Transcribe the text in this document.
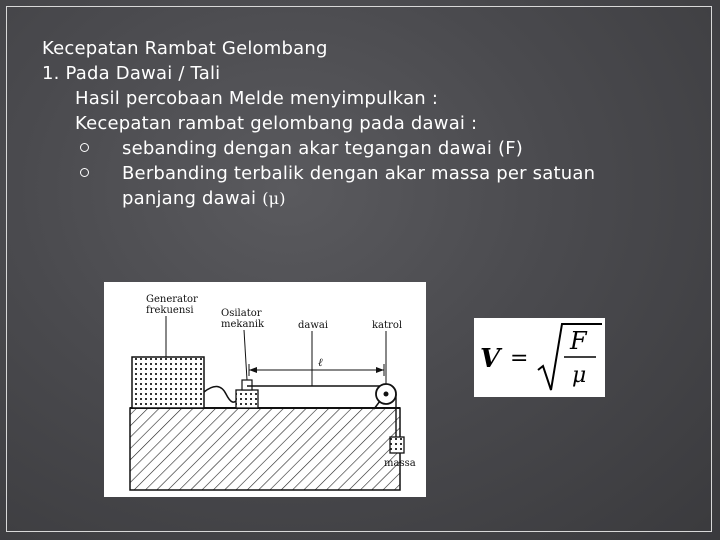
Kecepatan Rambat Gelombang
1. Pada Dawai / Tali
Hasil percobaan Melde menyimpulkan :
Kecepatan rambat gelombang pada dawai :
sebanding dengan akar tegangan dawai (F)
Berbanding terbalik dengan akar massa per satuan
panjang dawai (μ)
Generator
frekuensi	Osilator
mekanik	dawai	katrol
ℓ
massa
V =
F
μ
